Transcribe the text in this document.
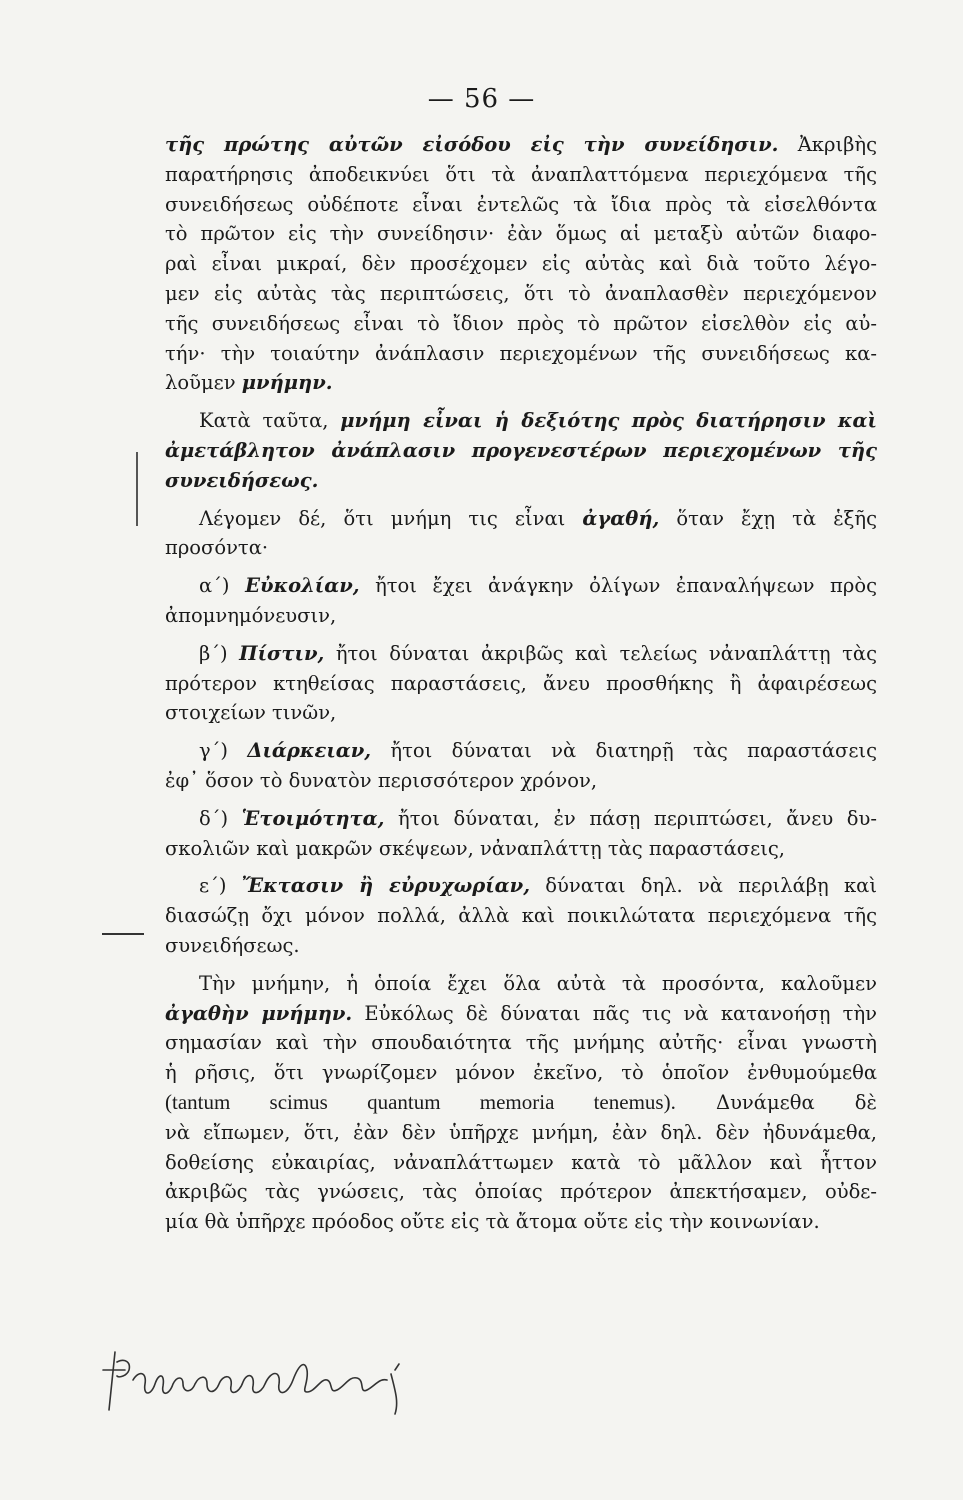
— 56 —
τῆς πρώτης αὐτῶν εἰσόδου εἰς τὴν συνείδησιν. Ἀκριβὴς
παρατήρησις ἀποδεικνύει ὅτι τὰ ἀναπλαττόμενα περιεχόμενα τῆς
συνειδήσεως οὐδέποτε εἶναι ἐντελῶς τὰ ἴδια πρὸς τὰ εἰσελθόντα
τὸ πρῶτον εἰς τὴν συνείδησιν· ἐὰν ὅμως αἱ μεταξὺ αὐτῶν διαφο-
ραὶ εἶναι μικραί, δὲν προσέχομεν εἰς αὐτὰς καὶ διὰ τοῦτο λέγο-
μεν εἰς αὐτὰς τὰς περιπτώσεις, ὅτι τὸ ἀναπλασθὲν περιεχόμενον
τῆς συνειδήσεως εἶναι τὸ ἴδιον πρὸς τὸ πρῶτον εἰσελθὸν εἰς αὐ-
τήν· τὴν τοιαύτην ἀνάπλασιν περιεχομένων τῆς συνειδήσεως κα-
λοῦμεν μνήμην.
Κατὰ ταῦτα, μνήμη εἶναι ἡ δεξιότης πρὸς διατήρησιν καὶ
ἀμετάβλητον ἀνάπλασιν προγενεστέρων περιεχομένων τῆς
συνειδήσεως.
Λέγομεν δέ, ὅτι μνήμη τις εἶναι ἀγαθή, ὅταν ἔχῃ τὰ ἑξῆς
προσόντα·
α΄) Εὐκολίαν, ἤτοι ἔχει ἀνάγκην ὀλίγων ἐπαναλήψεων πρὸς
ἀπομνημόνευσιν,
β΄) Πίστιν, ἤτοι δύναται ἀκριβῶς καὶ τελείως νἀναπλάττῃ τὰς
πρότερον κτηθείσας παραστάσεις, ἄνευ προσθήκης ἢ ἀφαιρέσεως
στοιχείων τινῶν,
γ΄) Διάρκειαν, ἤτοι δύναται νὰ διατηρῇ τὰς παραστάσεις
ἐφ᾽ ὅσον τὸ δυνατὸν περισσότερον χρόνον,
δ΄) Ἑτοιμότητα, ἤτοι δύναται, ἐν πάσῃ περιπτώσει, ἄνευ δυ-
σκολιῶν καὶ μακρῶν σκέψεων, νἀναπλάττῃ τὰς παραστάσεις,
ε΄) Ἔκτασιν ἢ εὐρυχωρίαν, δύναται δηλ. νὰ περιλάβῃ καὶ
διασώζῃ ὄχι μόνον πολλά, ἀλλὰ καὶ ποικιλώτατα περιεχόμενα τῆς
συνειδήσεως.
Τὴν μνήμην, ἡ ὁποία ἔχει ὅλα αὐτὰ τὰ προσόντα, καλοῦμεν
ἀγαθὴν μνήμην. Εὐκόλως δὲ δύναται πᾶς τις νὰ κατανοήσῃ τὴν
σημασίαν καὶ τὴν σπουδαιότητα τῆς μνήμης αὐτῆς· εἶναι γνωστὴ
ἡ ρῆσις, ὅτι γνωρίζομεν μόνον ἐκεῖνο, τὸ ὁποῖον ἐνθυμούμεθα
(tantum scimus quantum memoria tenemus). Δυνάμεθα δὲ
νὰ εἴπωμεν, ὅτι, ἐὰν δὲν ὑπῆρχε μνήμη, ἐὰν δηλ. δὲν ἠδυνάμεθα,
δοθείσης εὐκαιρίας, νἀναπλάττωμεν κατὰ τὸ μᾶλλον καὶ ἧττον
ἀκριβῶς τὰς γνώσεις, τὰς ὁποίας πρότερον ἀπεκτήσαμεν, οὐδε-
μία θὰ ὑπῆρχε πρόοδος οὔτε εἰς τὰ ἄτομα οὔτε εἰς τὴν κοινωνίαν.
